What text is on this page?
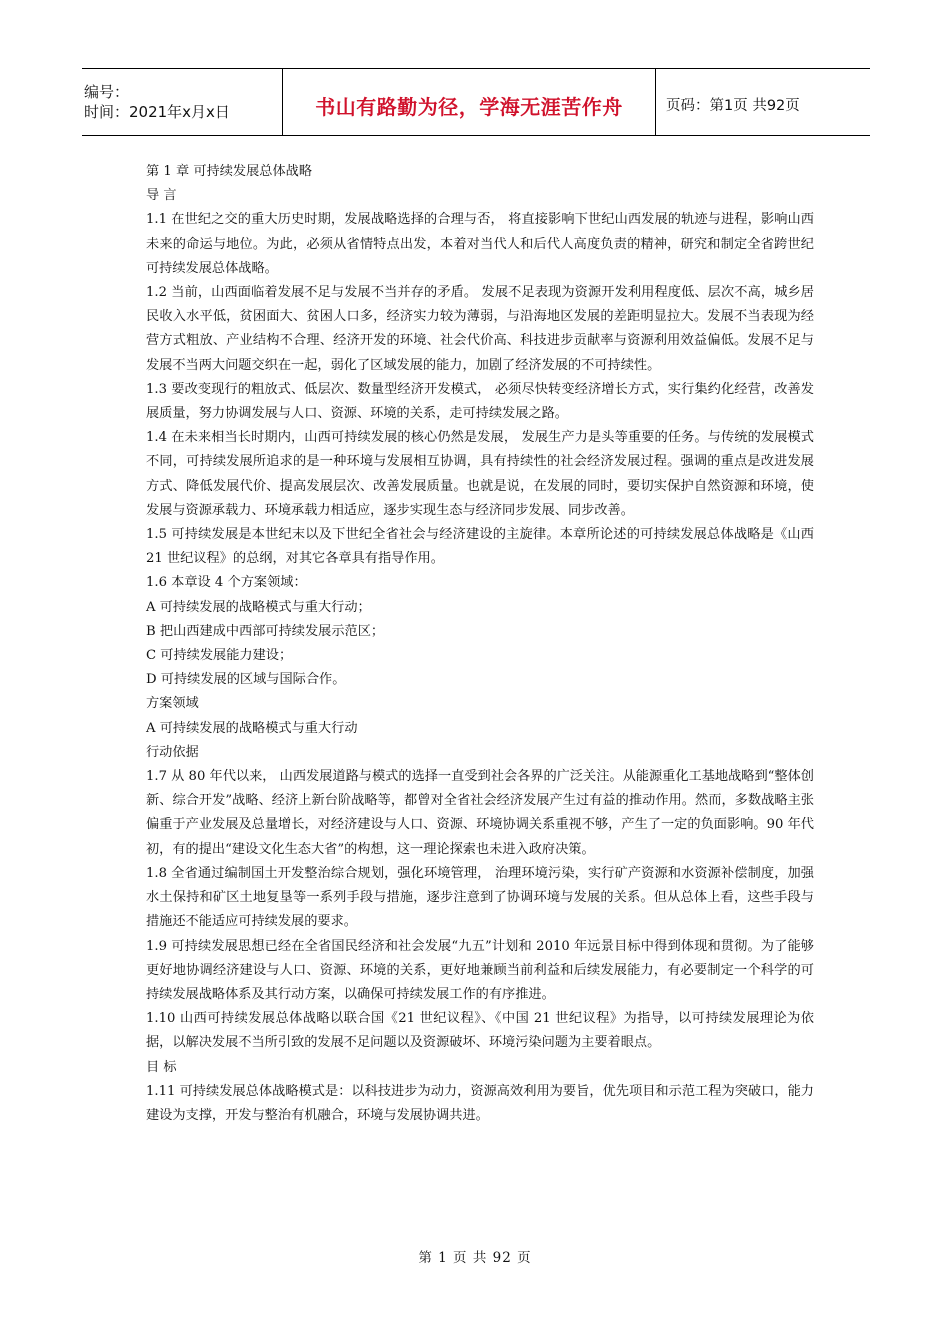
编号：
时间：2021年x月x日	书山有路勤为径，学海无涯苦作舟	页码：第1页 共92页

第 1 章 可持续发展总体战略

导 言

1.1 在世纪之交的重大历史时期，发展战略选择的合理与否， 将直接影响下世纪山西发展的轨迹与进程，影响山西未来的命运与地位。为此，必须从省情特点出发，本着对当代人和后代人高度负责的精神，研究和制定全省跨世纪可持续发展总体战略。

1.2 当前，山西面临着发展不足与发展不当并存的矛盾。 发展不足表现为资源开发利用程度低、层次不高，城乡居民收入水平低，贫困面大、贫困人口多，经济实力较为薄弱，与沿海地区发展的差距明显拉大。发展不当表现为经营方式粗放、产业结构不合理、经济开发的环境、社会代价高、科技进步贡献率与资源利用效益偏低。发展不足与发展不当两大问题交织在一起，弱化了区域发展的能力，加剧了经济发展的不可持续性。

1.3 要改变现行的粗放式、低层次、数量型经济开发模式， 必须尽快转变经济增长方式，实行集约化经营，改善发展质量，努力协调发展与人口、资源、环境的关系，走可持续发展之路。

1.4 在未来相当长时期内，山西可持续发展的核心仍然是发展， 发展生产力是头等重要的任务。与传统的发展模式不同，可持续发展所追求的是一种环境与发展相互协调，具有持续性的社会经济发展过程。强调的重点是改进发展方式、降低发展代价、提高发展层次、改善发展质量。也就是说，在发展的同时，要切实保护自然资源和环境，使发展与资源承载力、环境承载力相适应，逐步实现生态与经济同步发展、同步改善。

1.5 可持续发展是本世纪末以及下世纪全省社会与经济建设的主旋律。本章所论述的可持续发展总体战略是《山西 21 世纪议程》的总纲，对其它各章具有指导作用。

1.6 本章设 4 个方案领域：

A 可持续发展的战略模式与重大行动；

B 把山西建成中西部可持续发展示范区；

C 可持续发展能力建设；

D 可持续发展的区域与国际合作。

方案领域

A 可持续发展的战略模式与重大行动

行动依据

1.7 从 80 年代以来， 山西发展道路与模式的选择一直受到社会各界的广泛关注。从能源重化工基地战略到“整体创新、综合开发”战略、经济上新台阶战略等，都曾对全省社会经济发展产生过有益的推动作用。然而，多数战略主张偏重于产业发展及总量增长，对经济建设与人口、资源、环境协调关系重视不够，产生了一定的负面影响。90 年代初，有的提出“建设文化生态大省”的构想，这一理论探索也未进入政府决策。

1.8 全省通过编制国土开发整治综合规划，强化环境管理， 治理环境污染，实行矿产资源和水资源补偿制度，加强水土保持和矿区土地复垦等一系列手段与措施，逐步注意到了协调环境与发展的关系。但从总体上看，这些手段与措施还不能适应可持续发展的要求。

1.9 可持续发展思想已经在全省国民经济和社会发展“九五”计划和 2010 年远景目标中得到体现和贯彻。为了能够更好地协调经济建设与人口、资源、环境的关系，更好地兼顾当前利益和后续发展能力，有必要制定一个科学的可持续发展战略体系及其行动方案，以确保可持续发展工作的有序推进。

1.10 山西可持续发展总体战略以联合国《21 世纪议程》、《中国 21 世纪议程》为指导，以可持续发展理论为依据，以解决发展不当所引致的发展不足问题以及资源破坏、环境污染问题为主要着眼点。

目 标

1.11 可持续发展总体战略模式是：以科技进步为动力，资源高效利用为要旨，优先项目和示范工程为突破口，能力建设为支撑，开发与整治有机融合，环境与发展协调共进。

第 1 页 共 92 页
